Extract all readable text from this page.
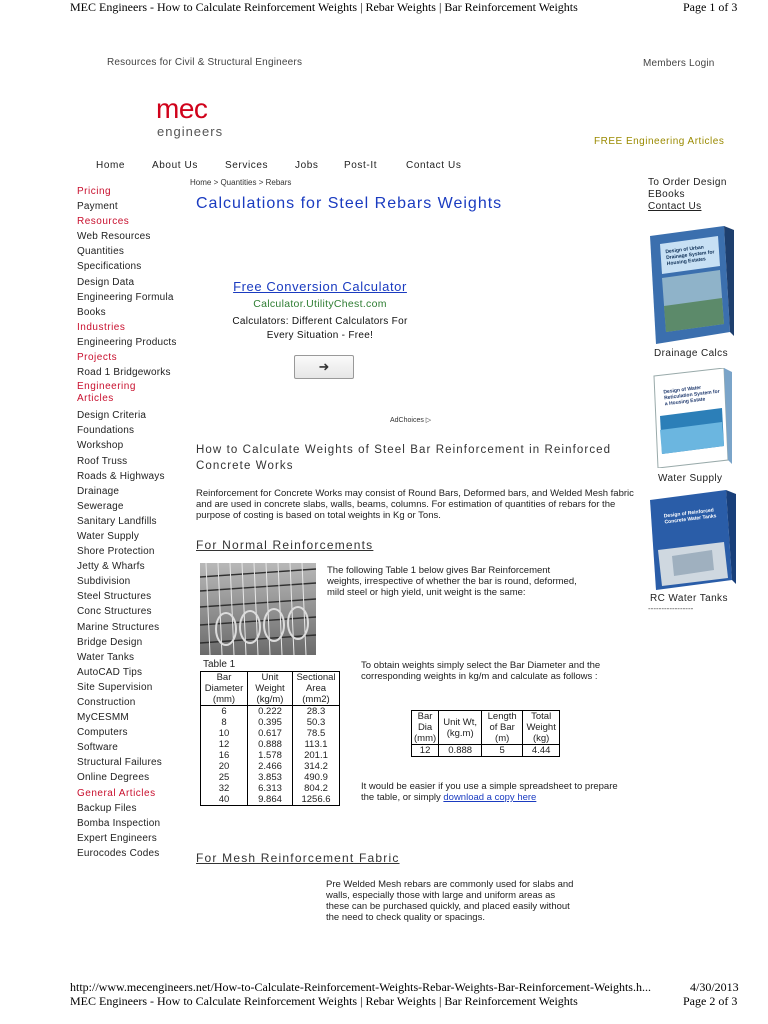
MEC Engineers - How to Calculate Reinforcement Weights | Rebar Weights | Bar Reinforcement Weights	Page 1 of 3
Resources for Civil & Structural Engineers	Members Login
mec
engineers
FREE Engineering Articles
Home	About Us	Services	Jobs	Post-It	Contact Us
Home > Quantities > Rebars
Calculations for Steel Rebars Weights
Pricing
Payment
Resources
Web Resources
Quantities
Specifications
Design Data
Engineering Formula
Books
Industries
Engineering Products
Projects
Road 1 Bridgeworks
Engineering Articles
Design Criteria
Foundations
Workshop
Roof Truss
Roads & Highways
Drainage
Sewerage
Sanitary Landfills
Water Supply
Shore Protection
Jetty & Wharfs
Subdivision
Steel Structures
Conc Structures
Marine Structures
Bridge Design
Water Tanks
AutoCAD Tips
Site Supervision
Construction
MyCESMM
Computers
Software
Structural Failures
Online Degrees
General Articles
Backup Files
Bomba Inspection
Expert Engineers
Eurocodes Codes
Free Conversion Calculator
Calculator.UtilityChest.com
Calculators: Different Calculators For Every Situation - Free!
➜
AdChoices ▷
How to Calculate Weights of Steel Bar Reinforcement in Reinforced Concrete Works
Reinforcement for Concrete Works may consist of Round Bars, Deformed bars, and Welded Mesh fabric and are used in concrete slabs, walls, beams, columns. For estimation of quantities of rebars for the purpose of costing is based on total weights in Kg or Tons.
For Normal Reinforcements
The following Table 1 below gives Bar Reinforcement weights, irrespective of whether the bar is round, deformed, mild steel or high yield, unit weight is the same:
Table 1
Bar Diameter (mm)	Unit Weight (kg/m)	Sectional Area (mm2)
6	0.222	28.3
8	0.395	50.3
10	0.617	78.5
12	0.888	113.1
16	1.578	201.1
20	2.466	314.2
25	3.853	490.9
32	6.313	804.2
40	9.864	1256.6
To obtain weights simply select the Bar Diameter and the corresponding weights in kg/m and calculate as follows :
Bar Dia (mm)	Unit Wt, (kg.m)	Length of Bar (m)	Total Weight (kg)
12	0.888	5	4.44
It would be easier if you use a simple spreadsheet to prepare the table, or simply download a copy here
For Mesh Reinforcement Fabric
Pre Welded Mesh rebars are commonly used for slabs and walls, especially those with large and uniform areas as these can be purchased quickly, and placed easily without the need to check quality or spacings.
To Order Design EBooks
Contact Us
Design of Urban Drainage System for Housing Estates
Drainage Calcs
Design of Water Reticulation System for a Housing Estate
Water Supply
Design of Reinforced Concrete Water Tanks
RC Water Tanks
-----------------
http://www.mecengineers.net/How-to-Calculate-Reinforcement-Weights-Rebar-Weights-Bar-Reinforcement-Weights.h...	4/30/2013
MEC Engineers - How to Calculate Reinforcement Weights | Rebar Weights | Bar Reinforcement Weights	Page 2 of 3
